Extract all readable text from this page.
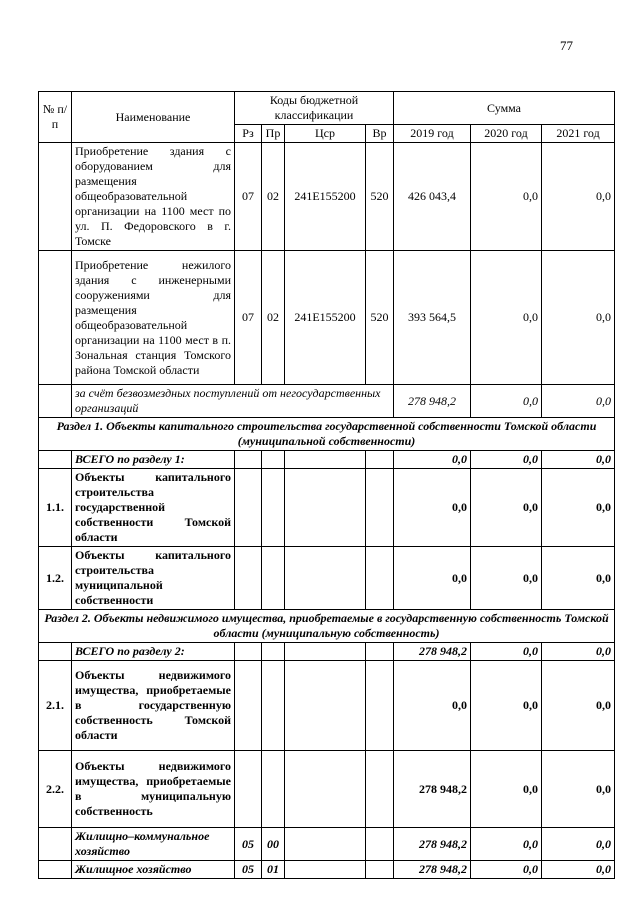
77
№ п/п	Наименование	Коды бюджетной классификации				Сумма		
		Рз	Пр	Цср	Вр	2019 год	2020 год	2021 год
	Приобретение здания с оборудованием для размещения общеобразовательной организации на 1100 мест по ул. П. Федоровского в г. Томске	07	02	241Е155200	520	426 043,4	0,0	0,0
	Приобретение нежилого здания с инженерными сооружениями для размещения общеобразовательной организации на 1100 мест в п. Зональная станция Томского района Томской области	07	02	241Е155200	520	393 564,5	0,0	0,0
	за счёт безвозмездных поступлений от негосударственных организаций					278 948,2	0,0	0,0
Раздел 1. Объекты капитального строительства государственной собственности Томской области (муниципальной собственности)								
	ВСЕГО по разделу 1:					0,0	0,0	0,0
1.1.	Объекты капитального строительства государственной собственности Томской области					0,0	0,0	0,0
1.2.	Объекты капитального строительства муниципальной собственности					0,0	0,0	0,0
Раздел 2. Объекты недвижимого имущества, приобретаемые в государственную собственность Томской области (муниципальную собственность)								
	ВСЕГО по разделу 2:					278 948,2	0,0	0,0
2.1.	Объекты недвижимого имущества, приобретаемые в государственную собственность Томской области					0,0	0,0	0,0
2.2.	Объекты недвижимого имущества, приобретаемые в муниципальную собственность					278 948,2	0,0	0,0
	Жилищно–коммунальное хозяйство	05	00			278 948,2	0,0	0,0
	Жилищное хозяйство	05	01			278 948,2	0,0	0,0
